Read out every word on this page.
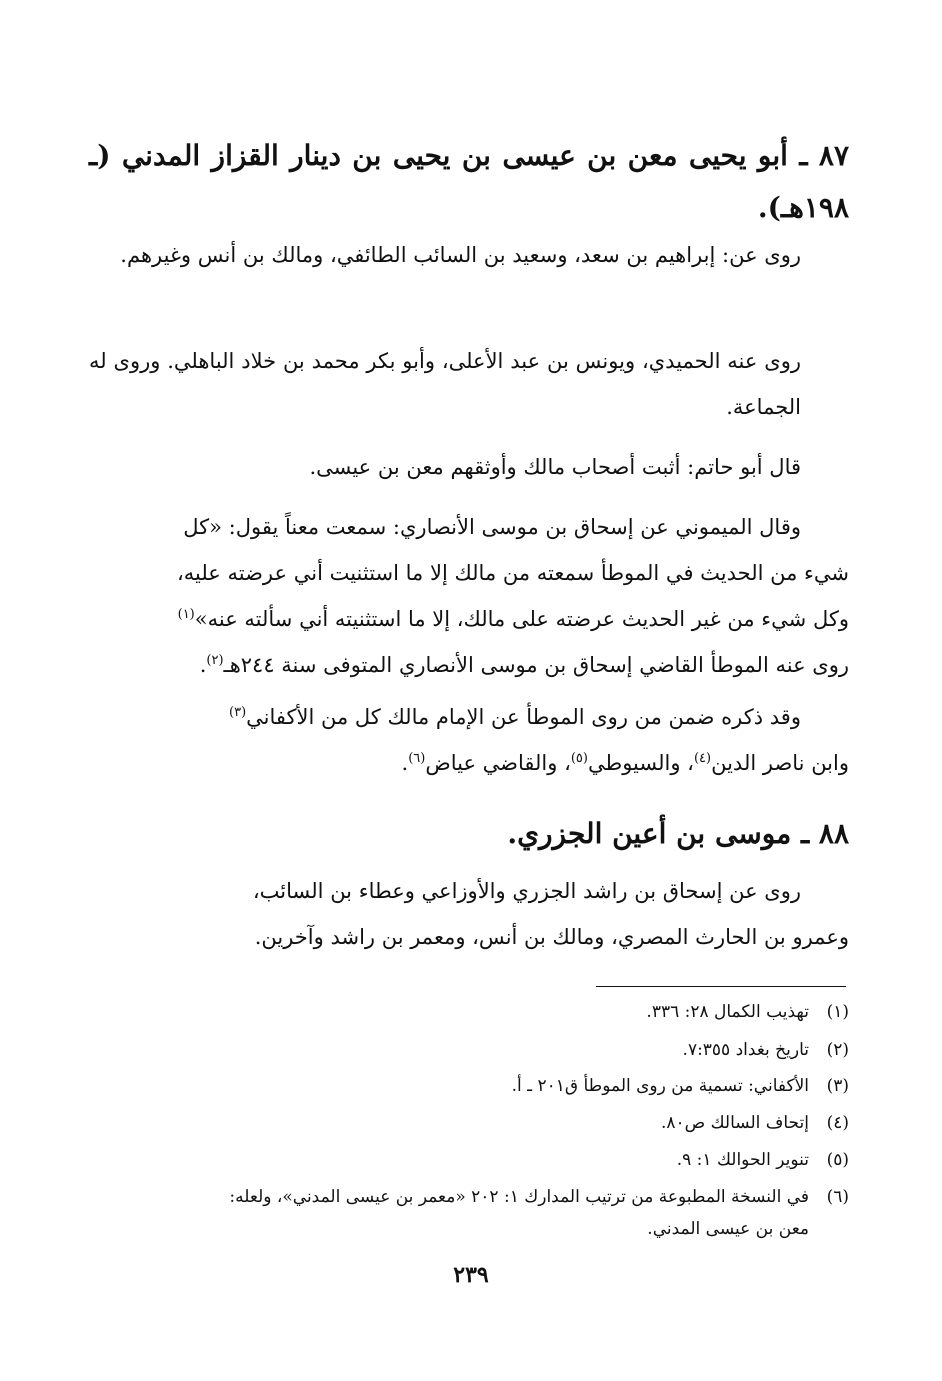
٨٧ ـ أبو يحيى معن بن عيسى بن يحيى بن دينار القزاز المدني (ـ ١٩٨هـ).
روى عن: إبراهيم بن سعد، وسعيد بن السائب الطائفي، ومالك بن أنس وغيرهم.
روى عنه الحميدي، ويونس بن عبد الأعلى، وأبو بكر محمد بن خلاد الباهلي. وروى له الجماعة.
قال أبو حاتم: أثبت أصحاب مالك وأوثقهم معن بن عيسى.
وقال الميموني عن إسحاق بن موسى الأنصاري: سمعت معناً يقول: «كل
شيء من الحديث في الموطأ سمعته من مالك إلا ما استثنيت أني عرضته عليه،
وكل شيء من غير الحديث عرضته على مالك، إلا ما استثنيته أني سألته عنه»$^{(١)}$
روى عنه الموطأ القاضي إسحاق بن موسى الأنصاري المتوفى سنة ٢٤٤هـ$^{(٢)}$.
وقد ذكره ضمن من روى الموطأ عن الإمام مالك كل من الأكفاني$^{(٣)}$
وابن ناصر الدين$^{(٤)}$، والسيوطي$^{(٥)}$، والقاضي عياض$^{(٦)}$.
٨٨ ـ موسى بن أعين الجزري.
روى عن إسحاق بن راشد الجزري والأوزاعي وعطاء بن السائب،
وعمرو بن الحارث المصري، ومالك بن أنس، ومعمر بن راشد وآخرين.
(١)تهذيب الكمال ٢٨: ٣٣٦.
(٢)تاريخ بغداد ٧:٣٥٥.
(٣)الأكفاني: تسمية من روى الموطأ ق٢٠١ ـ أ.
(٤)إتحاف السالك ص٨٠.
(٥)تنوير الحوالك ١: ٩.
(٦)في النسخة المطبوعة من ترتيب المدارك ١: ٢٠٢ «معمر بن عيسى المدني»، ولعله:
معن بن عيسى المدني.
٢٣٩
